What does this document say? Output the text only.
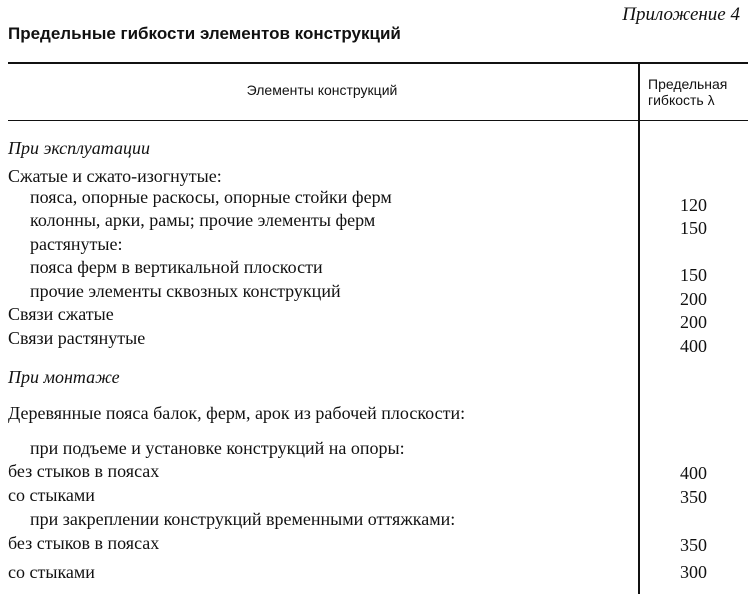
Приложение 4
Предельные гибкости элементов конструкций
Элементы конструкций	Предельная
гибкость λ
При эксплуатации
Сжатые и сжато-изогнутые:
пояса, опорные раскосы, опорные стойки ферм	120
колонны, арки, рамы; прочие элементы ферм	150
растянутые:
пояса ферм в вертикальной плоскости	150
прочие элементы сквозных конструкций	200
Связи сжатые	200
Связи растянутые	400
При монтаже
Деревянные пояса балок, ферм, арок из рабочей плоскости:
при подъеме и установке конструкций на опоры:
без стыков в поясах	400
со стыками	350
при закреплении конструкций временными оттяжками:
без стыков в поясах	350
со стыками	300
